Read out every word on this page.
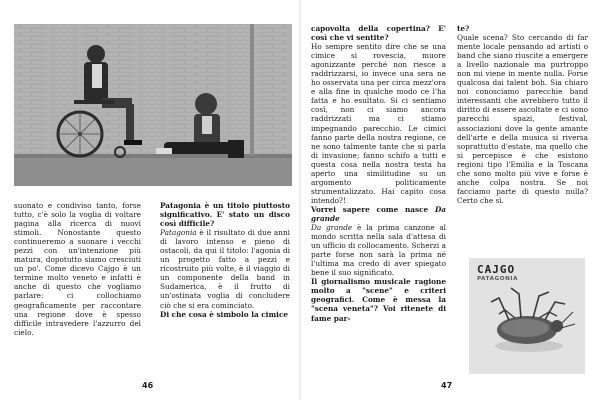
suonato e condiviso tanto, forse tutto, c'è solo la voglia di voltare pagina alla ricerca di nuovi stimoli. Nonostante questo continueremo a suonare i vecchi pezzi con un'intenzione più matura, dopotutto siamo cresciuti un po'. Come dicevo Cajgo è un termine molto veneto e infatti è anche di questo che vogliamo parlare: ci collochiamo geograficamente per raccontare una regione dove è spesso difficile intravedere l'azzurro del cielo.

Patagonia è un titolo piuttosto significativo. E' stato un disco così difficile?
Patagonia è il risultato di due anni di lavoro intenso e pieno di ostacoli, da qui il titolo: l'agonia di un progetto fatto a pezzi e ricostruito più volte, è il viaggio di un componente della band in Sudamerica, è il frutto di un'ostinata voglia di concludere ciò che si era cominciato.
Di che cosa è simbolo la cimice

46

capovolta della copertina? E' così che vi sentite?
Ho sempre sentito dire che se una cimice si rovescia, muore agonizzante perché non riesce a raddrizzarsi, io invece una sera ne ho osservata una per circa mezz'ora e alla fine in qualche modo ce l'ha fatta e ho esultato. Si ci sentiamo così, non ci siamo ancora raddrizzati ma ci stiamo impegnando parecchio. Le cimici fanno parte della nostra regione, ce ne sono talmente tante che si parla di invasione; fanno schifo a tutti e questa cosa nella nostra testa ha aperto una similitudine su un argomento politicamente strumentalizzato. Hai capito cosa intendo?!
Vorrei sapere come nasce Da grande
Da grande è la prima canzone al mondo scritta nella sala d'attesa di un ufficio di collocamento. Scherzi a parte forse non sarà la prima né l'ultima ma credo di aver spiegato bene il suo significato.
Il giornalismo musicale ragione molto a "scene" e criteri geografici. Come è messa la "scena veneta"? Voi ritenete di fame par-

te?
Quale scena? Sto cercando di far mente locale pensando ad artisti o band che siano riuscite a emergere a livello nazionale ma purtroppo non mi viene in mente nulla. Forse qualcosa dai talent boh. Sia chiaro noi conosciamo parecchie band interessanti che avrebbero tutto il diritto di essere ascoltate e ci sono parecchi spazi, festival, associazioni dove la gente amante dell'arte e della musica si riversa soprattutto d'estate, ma quello che si percepisce è che esistono regioni tipo l'Emilia e la Toscana che sono molto più vive e forse è anche colpa nostra. Se noi facciamo parte di questo nulla? Certo che sì.

CAJGO
PATAGONIA
47
